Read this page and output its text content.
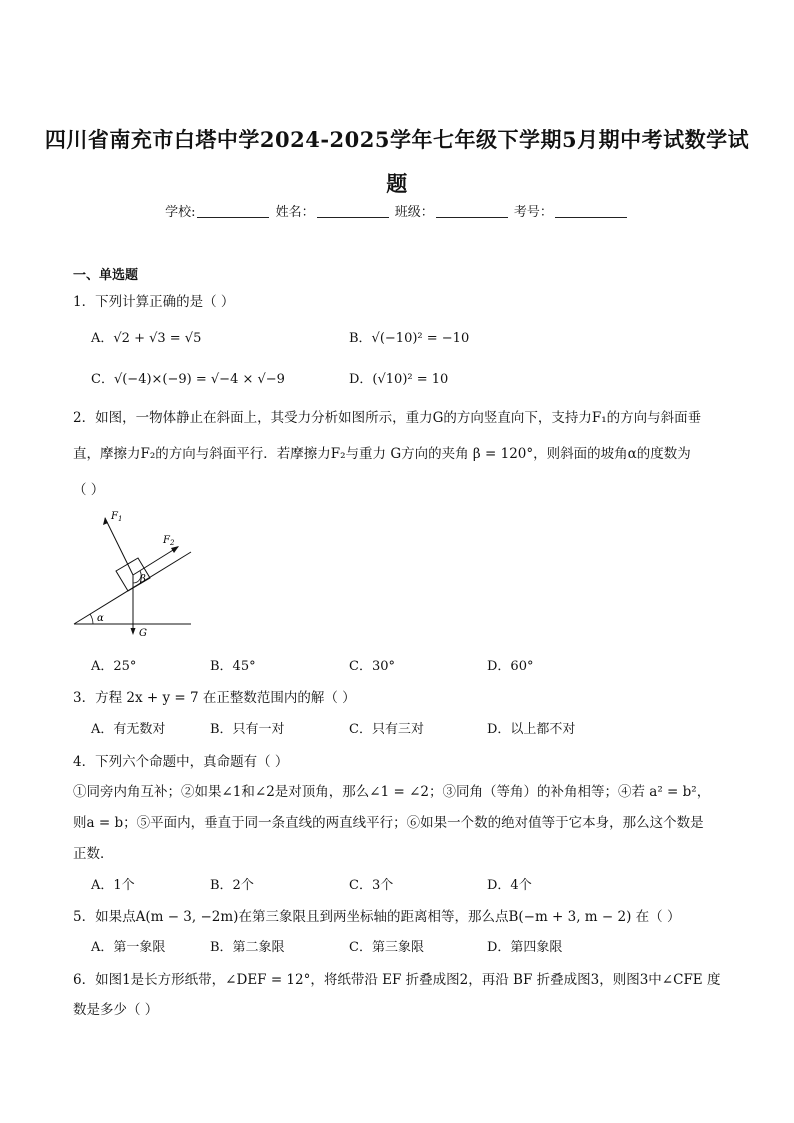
四川省南充市白塔中学2024-2025学年七年级下学期5月期中考试数学试
题
学校:	姓名：	班级：	考号：
一、单选题
1．下列计算正确的是（ ）
A．√2 + √3 = √5	B．√(−10)² = −10
C．√(−4)×(−9) = √−4 × √−9	D．(√10)² = 10
2．如图，一物体静止在斜面上，其受力分析如图所示，重力G的方向竖直向下，支持力F₁的方向与斜面垂
直，摩擦力F₂的方向与斜面平行．若摩擦力F₂与重力 G方向的夹角 β = 120°，则斜面的坡角α的度数为
（ ）
α
$F_1$
$F_2$
G
β
A．25°	B．45°	C．30°	D．60°
3．方程 2x + y = 7 在正整数范围内的解（ ）
A．有无数对	B．只有一对	C．只有三对	D．以上都不对
4．下列六个命题中，真命题有（ ）
①同旁内角互补；②如果∠1和∠2是对顶角，那么∠1 = ∠2；③同角（等角）的补角相等；④若 a² = b²，
则a = b；⑤平面内，垂直于同一条直线的两直线平行；⑥如果一个数的绝对值等于它本身，那么这个数是
正数．
A．1个	B．2个	C．3个	D．4个
5．如果点A(m − 3, −2m)在第三象限且到两坐标轴的距离相等，那么点B(−m + 3, m − 2) 在（ ）
A．第一象限	B．第二象限	C．第三象限	D．第四象限
6．如图1是长方形纸带，∠DEF = 12°，将纸带沿 EF 折叠成图2，再沿 BF 折叠成图3，则图3中∠CFE 度
数是多少（ ）
